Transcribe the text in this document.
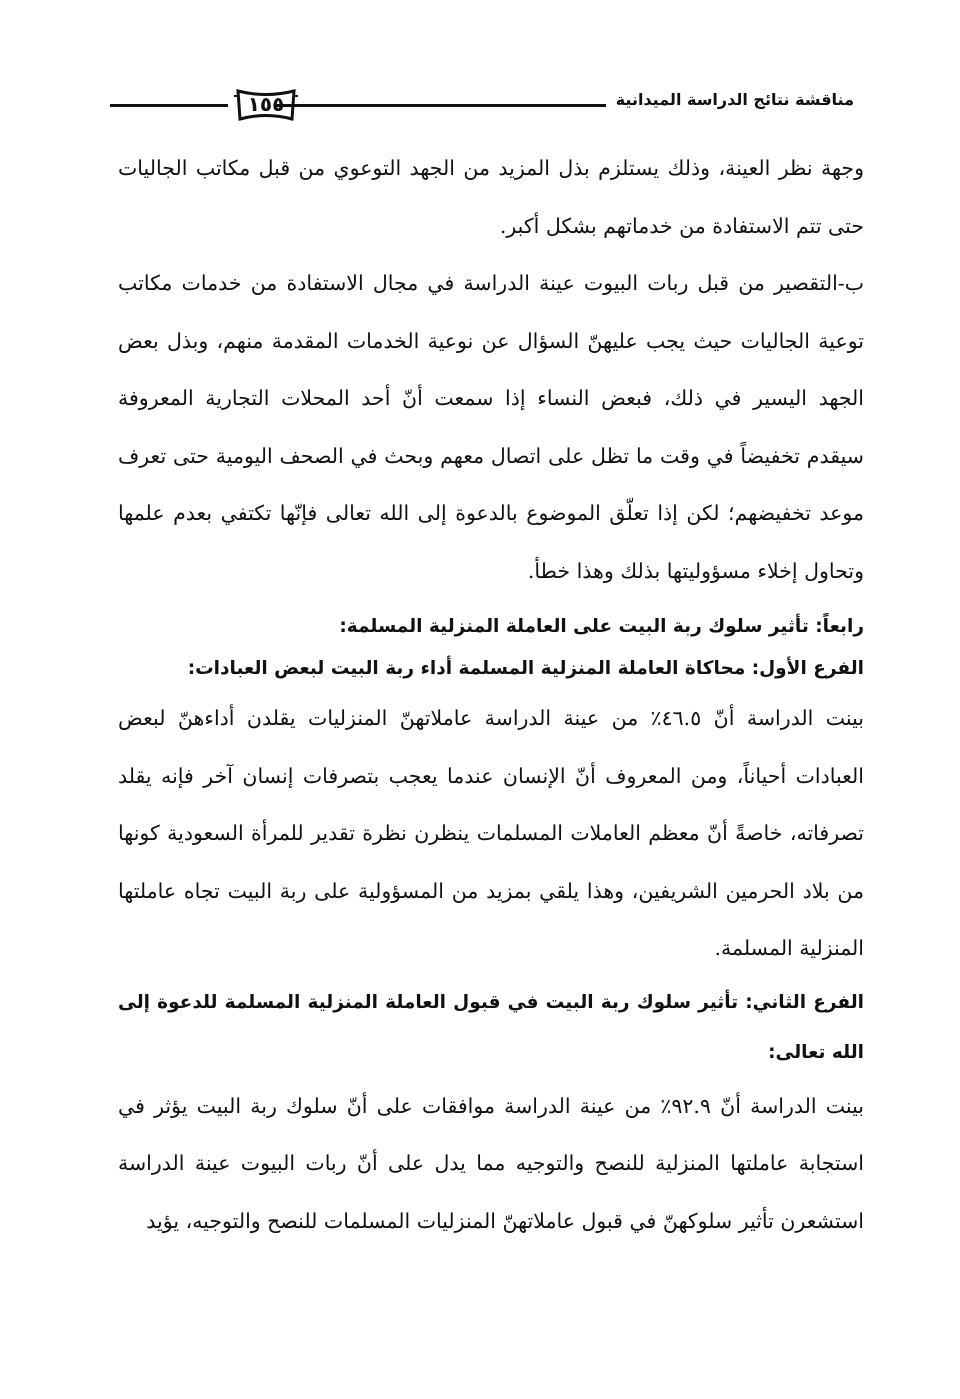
مناقشة نتائج الدراسة الميدانية
١٥٥

وجهة نظر العينة، وذلك يستلزم بذل المزيد من الجهد التوعوي من قبل مكاتب الجاليات حتى تتم الاستفادة من خدماتهم بشكل أكبر.

ب-التقصير من قبل ربات البيوت عينة الدراسة في مجال الاستفادة من خدمات مكاتب توعية الجاليات حيث يجب عليهنّ السؤال عن نوعية الخدمات المقدمة منهم، وبذل بعض الجهد اليسير في ذلك، فبعض النساء إذا سمعت أنّ أحد المحلات التجارية المعروفة سيقدم تخفيضاً في وقت ما تظل على اتصال معهم وبحث في الصحف اليومية حتى تعرف موعد تخفيضهم؛ لكن إذا تعلّق الموضوع بالدعوة إلى الله تعالى فإنّها تكتفي بعدم علمها وتحاول إخلاء مسؤوليتها بذلك وهذا خطأ.

رابعاً: تأثير سلوك ربة البيت على العاملة المنزلية المسلمة:

الفرع الأول: محاكاة العاملة المنزلية المسلمة أداء ربة البيت لبعض العبادات:

بينت الدراسة أنّ ٤٦.٥٪ من عينة الدراسة عاملاتهنّ المنزليات يقلدن أداءهنّ لبعض العبادات أحياناً، ومن المعروف أنّ الإنسان عندما يعجب بتصرفات إنسان آخر فإنه يقلد تصرفاته، خاصةً أنّ معظم العاملات المسلمات ينظرن نظرة تقدير للمرأة السعودية كونها من بلاد الحرمين الشريفين، وهذا يلقي بمزيد من المسؤولية على ربة البيت تجاه عاملتها المنزلية المسلمة.

الفرع الثاني: تأثير سلوك ربة البيت في قبول العاملة المنزلية المسلمة للدعوة إلى الله تعالى:

بينت الدراسة أنّ ٩٢.٩٪ من عينة الدراسة موافقات على أنّ سلوك ربة البيت يؤثر في استجابة عاملتها المنزلية للنصح والتوجيه مما يدل على أنّ ربات البيوت عينة الدراسة استشعرن تأثير سلوكهنّ في قبول عاملاتهنّ المنزليات المسلمات للنصح والتوجيه، يؤيد
